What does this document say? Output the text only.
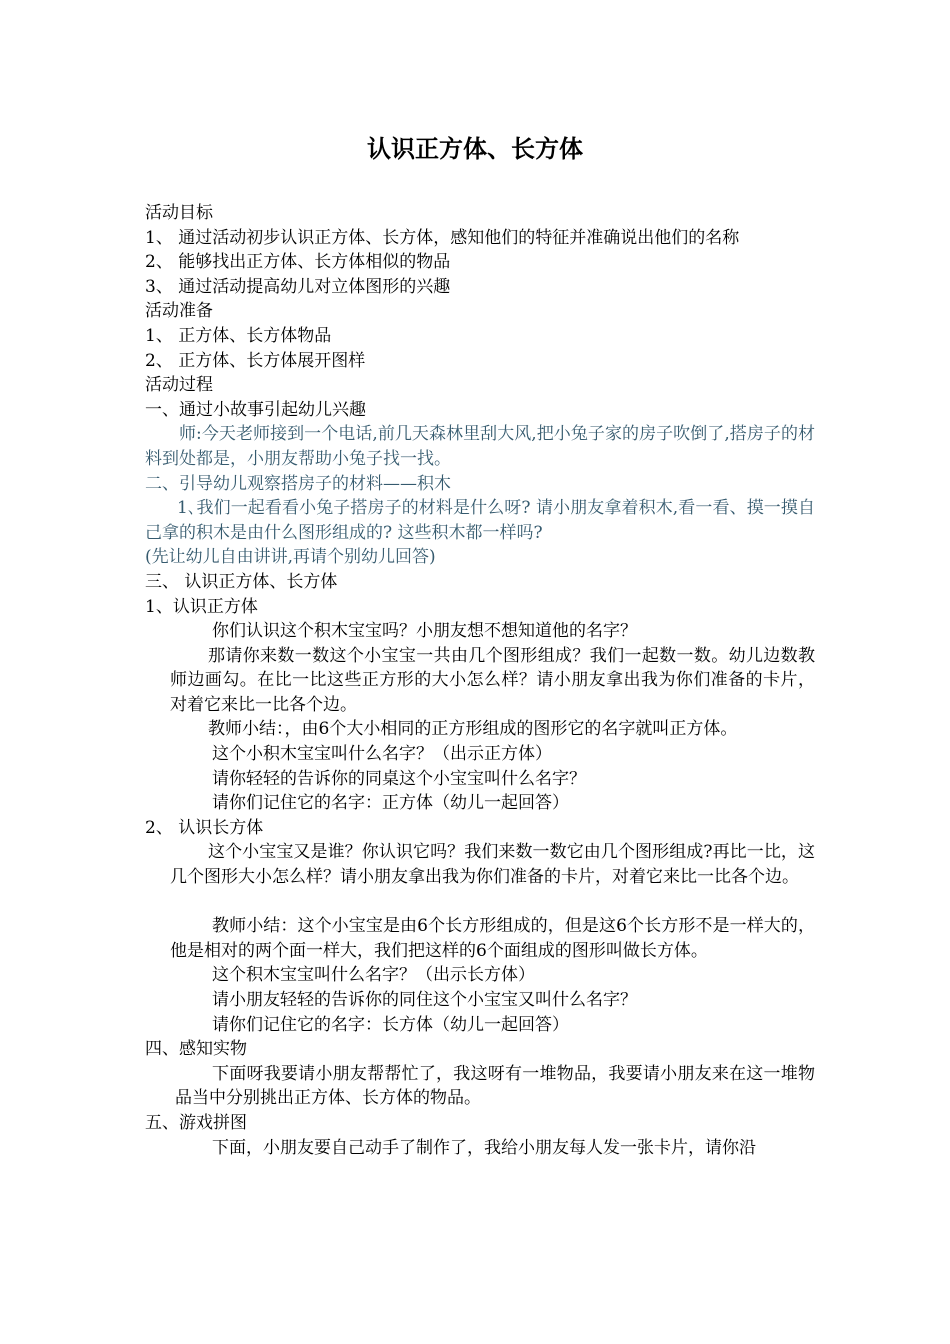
认识正方体、长方体
活动目标
1、 通过活动初步认识正方体、长方体，感知他们的特征并准确说出他们的名称
2、 能够找出正方体、长方体相似的物品
3、 通过活动提高幼儿对立体图形的兴趣
活动准备
1、 正方体、长方体物品
2、 正方体、长方体展开图样
活动过程
一、通过小故事引起幼儿兴趣
师:今天老师接到一个电话,前几天森林里刮大风,把小兔子家的房子吹倒了,搭房子的材料到处都是，小朋友帮助小兔子找一找。
二、引导幼儿观察搭房子的材料——积木
1､我们一起看看小兔子搭房子的材料是什么呀? 请小朋友拿着积木,看一看、摸一摸自己拿的积木是由什么图形组成的? 这些积木都一样吗?
(先让幼儿自由讲讲,再请个别幼儿回答)
三、 认识正方体、长方体
1、认识正方体
你们认识这个积木宝宝吗？小朋友想不想知道他的名字？
那请你来数一数这个小宝宝一共由几个图形组成？我们一起数一数。幼儿边数教师边画勾。在比一比这些正方形的大小怎么样？请小朋友拿出我为你们准备的卡片，对着它来比一比各个边。
教师小结：，由6个大小相同的正方形组成的图形它的名字就叫正方体。
这个小积木宝宝叫什么名字？（出示正方体）
请你轻轻的告诉你的同桌这个小宝宝叫什么名字？
请你们记住它的名字：正方体（幼儿一起回答）
2、 认识长方体
这个小宝宝又是谁？你认识它吗？我们来数一数它由几个图形组成?再比一比，这几个图形大小怎么样？请小朋友拿出我为你们准备的卡片，对着它来比一比各个边。
教师小结：这个小宝宝是由6个长方形组成的，但是这6个长方形不是一样大的，他是相对的两个面一样大，我们把这样的6个面组成的图形叫做长方体。
这个积木宝宝叫什么名字？（出示长方体）
请小朋友轻轻的告诉你的同住这个小宝宝又叫什么名字？
请你们记住它的名字：长方体（幼儿一起回答）
四、感知实物
下面呀我要请小朋友帮帮忙了，我这呀有一堆物品，我要请小朋友来在这一堆物品当中分别挑出正方体、长方体的物品。
五、游戏拼图
下面，小朋友要自己动手了制作了，我给小朋友每人发一张卡片，请你沿
